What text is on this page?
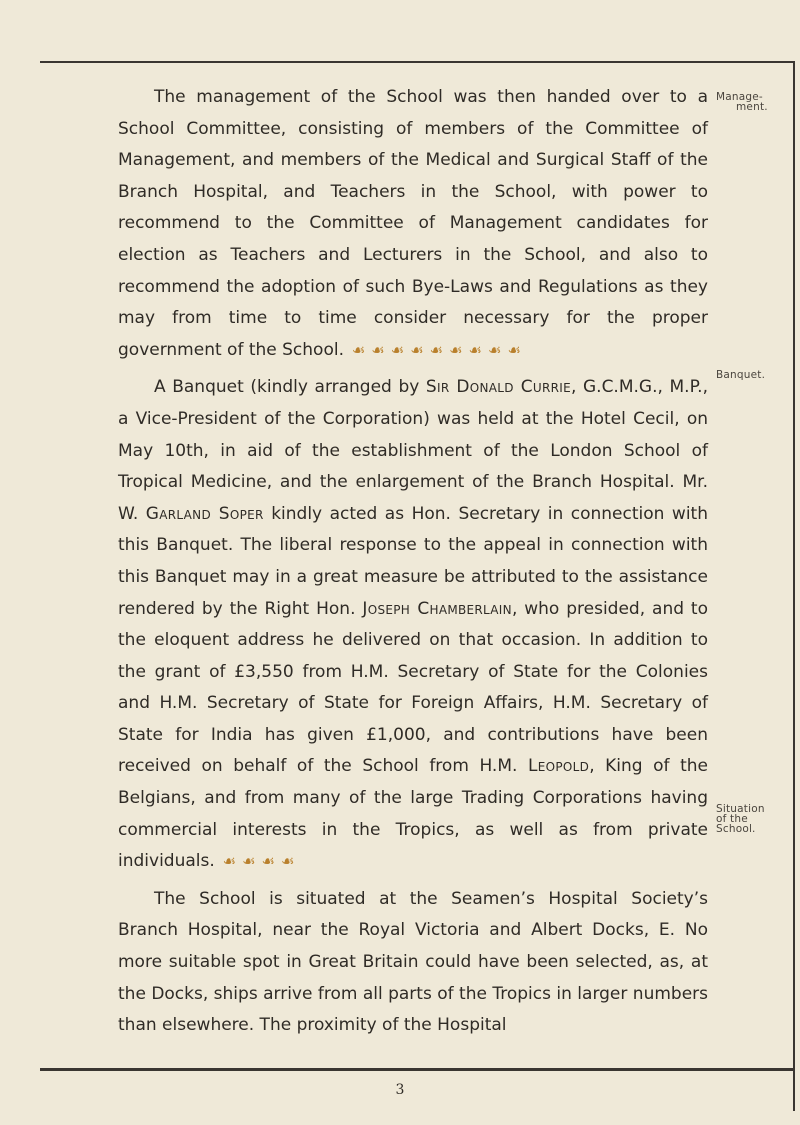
The management of the School was then handed over to a School Committee, consisting of members of the Committee of Management, and members of the Medical and Surgical Staff of the Branch Hospital, and Teachers in the School, with power to recommend to the Committee of Management candidates for election as Teachers and Lecturers in the School, and also to recommend the adoption of such Bye-Laws and Regulations as they may from time to time consider necessary for the proper government of the School. ☙☙☙☙☙☙☙☙☙

A Banquet (kindly arranged by Sir Donald Currie, G.C.M.G., M.P., a Vice-President of the Corporation) was held at the Hotel Cecil, on May 10th, in aid of the establishment of the London School of Tropical Medicine, and the enlargement of the Branch Hospital. Mr. W. Garland Soper kindly acted as Hon. Secretary in connection with this Banquet. The liberal response to the appeal in connection with this Banquet may in a great measure be attributed to the assistance rendered by the Right Hon. Joseph Chamberlain, who presided, and to the eloquent address he delivered on that occasion. In addition to the grant of £3,550 from H.M. Secretary of State for the Colonies and H.M. Secretary of State for Foreign Affairs, H.M. Secretary of State for India has given £1,000, and contributions have been received on behalf of the School from H.M. Leopold, King of the Belgians, and from many of the large Trading Corporations having commercial interests in the Tropics, as well as from private individuals. ☙☙☙☙

The School is situated at the Seamen’s Hospital Society’s Branch Hospital, near the Royal Victoria and Albert Docks, E. No more suitable spot in Great Britain could have been selected, as, at the Docks, ships arrive from all parts of the Tropics in larger numbers than elsewhere. The proximity of the Hospital

Manage-
ment.
Banquet.
Situation
of the
School.
3
